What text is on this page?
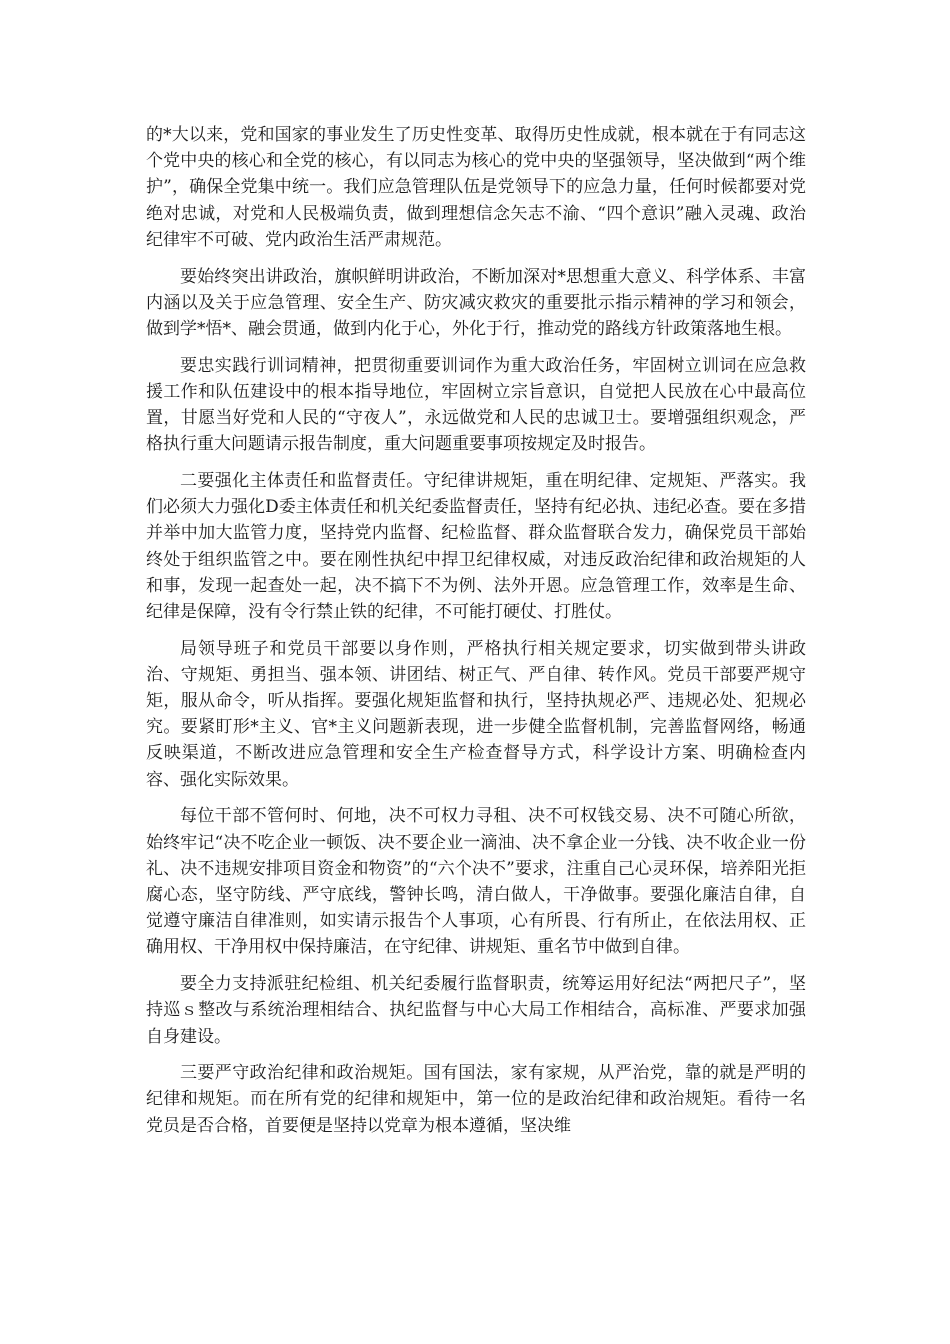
的*大以来，党和国家的事业发生了历史性变革、取得历史性成就，根本就在于有同志这个党中央的核心和全党的核心，有以同志为核心的党中央的坚强领导，坚决做到“两个维护”，确保全党集中统一。我们应急管理队伍是党领导下的应急力量，任何时候都要对党绝对忠诚，对党和人民极端负责，做到理想信念矢志不渝、“四个意识”融入灵魂、政治纪律牢不可破、党内政治生活严肃规范。

要始终突出讲政治，旗帜鲜明讲政治，不断加深对*思想重大意义、科学体系、丰富内涵以及关于应急管理、安全生产、防灾减灾救灾的重要批示指示精神的学习和领会，做到学*悟*、融会贯通，做到内化于心，外化于行，推动党的路线方针政策落地生根。

要忠实践行训词精神，把贯彻重要训词作为重大政治任务，牢固树立训词在应急救援工作和队伍建设中的根本指导地位，牢固树立宗旨意识，自觉把人民放在心中最高位置，甘愿当好党和人民的“守夜人”，永远做党和人民的忠诚卫士。要增强组织观念，严格执行重大问题请示报告制度，重大问题重要事项按规定及时报告。

二要强化主体责任和监督责任。守纪律讲规矩，重在明纪律、定规矩、严落实。我们必须大力强化D委主体责任和机关纪委监督责任，坚持有纪必执、违纪必查。要在多措并举中加大监管力度，坚持党内监督、纪检监督、群众监督联合发力，确保党员干部始终处于组织监管之中。要在刚性执纪中捍卫纪律权威，对违反政治纪律和政治规矩的人和事，发现一起查处一起，决不搞下不为例、法外开恩。应急管理工作，效率是生命、纪律是保障，没有令行禁止铁的纪律，不可能打硬仗、打胜仗。

局领导班子和党员干部要以身作则，严格执行相关规定要求，切实做到带头讲政治、守规矩、勇担当、强本领、讲团结、树正气、严自律、转作风。党员干部要严规守矩，服从命令，听从指挥。要强化规矩监督和执行，坚持执规必严、违规必处、犯规必究。要紧盯形*主义、官*主义问题新表现，进一步健全监督机制，完善监督网络，畅通反映渠道，不断改进应急管理和安全生产检查督导方式，科学设计方案、明确检查内容、强化实际效果。

每位干部不管何时、何地，决不可权力寻租、决不可权钱交易、决不可随心所欲，始终牢记“决不吃企业一顿饭、决不要企业一滴油、决不拿企业一分钱、决不收企业一份礼、决不违规安排项目资金和物资”的“六个决不”要求，注重自己心灵环保，培养阳光拒腐心态，坚守防线、严守底线，警钟长鸣，清白做人，干净做事。要强化廉洁自律，自觉遵守廉洁自律准则，如实请示报告个人事项，心有所畏、行有所止，在依法用权、正确用权、干净用权中保持廉洁，在守纪律、讲规矩、重名节中做到自律。

要全力支持派驻纪检组、机关纪委履行监督职责，统筹运用好纪法“两把尺子”，坚持巡ｓ整改与系统治理相结合、执纪监督与中心大局工作相结合，高标准、严要求加强自身建设。

三要严守政治纪律和政治规矩。国有国法，家有家规，从严治党，靠的就是严明的纪律和规矩。而在所有党的纪律和规矩中，第一位的是政治纪律和政治规矩。看待一名党员是否合格，首要便是坚持以党章为根本遵循，坚决维
